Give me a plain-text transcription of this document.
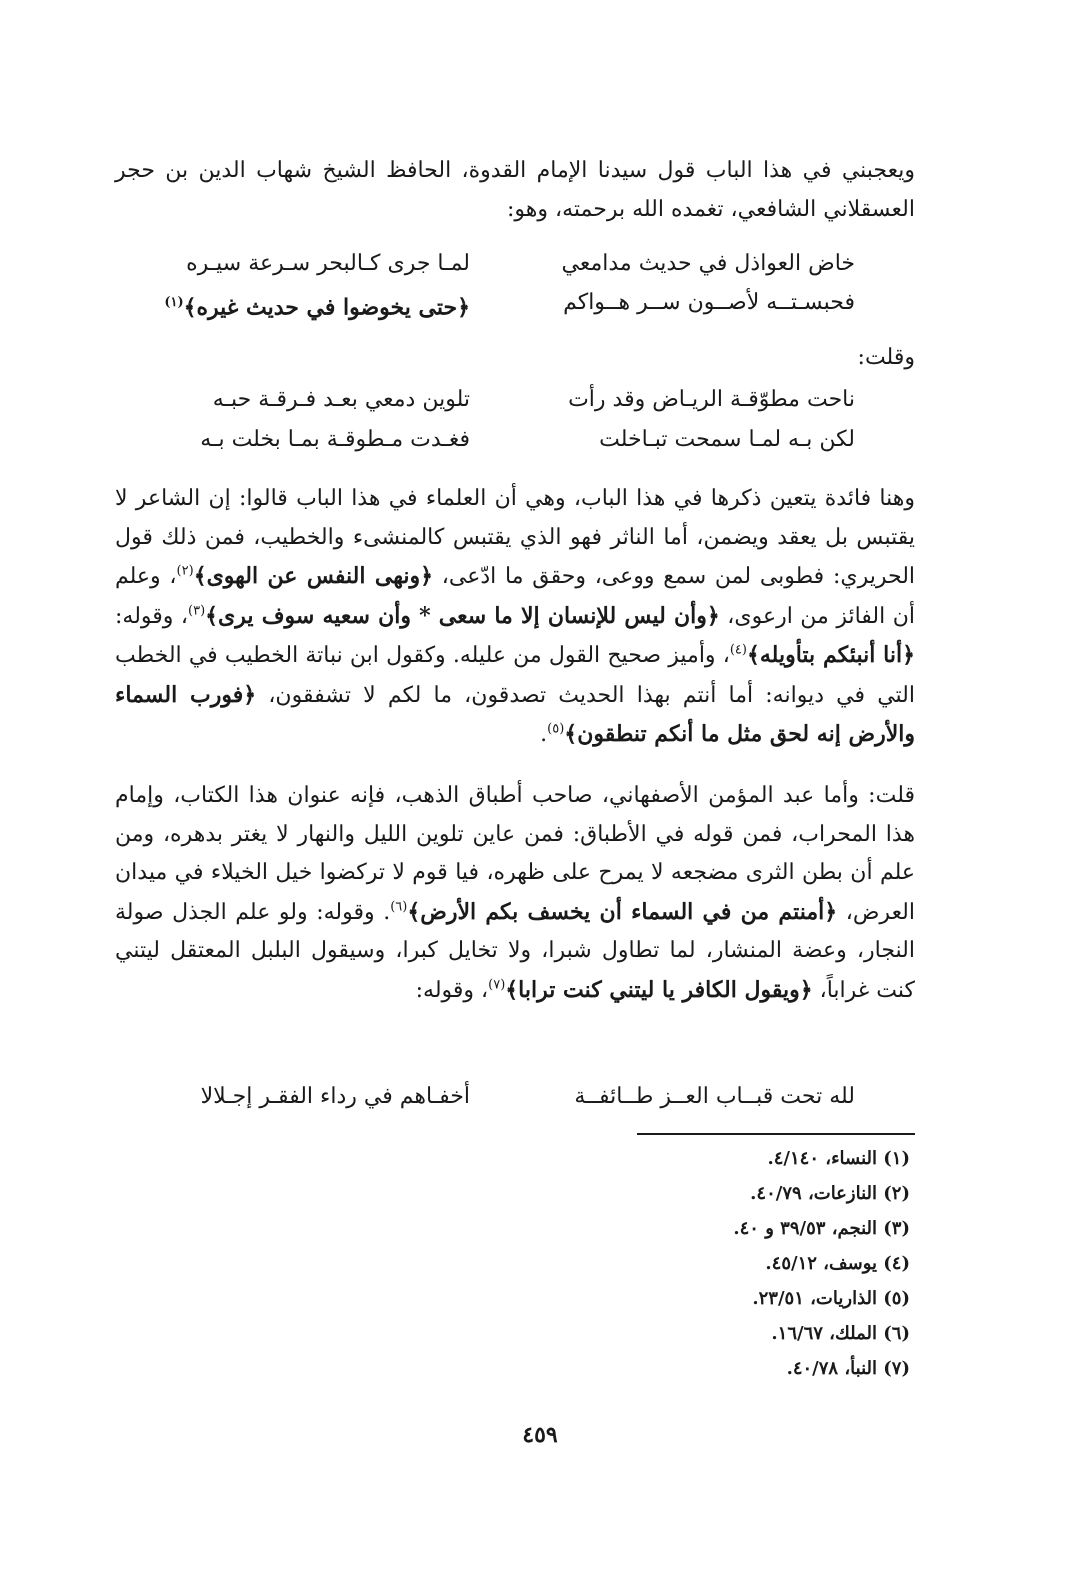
ويعجبني في هذا الباب قول سيدنا الإمام القدوة، الحافظ الشيخ شهاب الدين بن حجر العسقلاني الشافعي، تغمده الله برحمته، وهو:
خاض العواذل في حديث مدامعي
لمـا جرى كـالبحر سـرعة سيـره
فحبسـتــه لأصــون ســر هــواكم
﴿حتى يخوضوا في حديث غيره﴾$^{(١)}$
وقلت:
ناحت مطوّقـة الريـاض وقد رأت
تلوين دمعي بعـد فـرقـة حبـه
لكن بـه لمـا سمحت تبـاخلت
فغـدت مـطوقـة بمـا بخلت بـه
وهنا فائدة يتعين ذكرها في هذا الباب، وهي أن العلماء في هذا الباب قالوا: إن الشاعر لا يقتبس بل يعقد ويضمن، أما الناثر فهو الذي يقتبس كالمنشىء والخطيب، فمن ذلك قول الحريري: فطوبى لمن سمع ووعى، وحقق ما ادّعى، ﴿ونهى النفس عن الهوى﴾$^{(٢)}$، وعلم أن الفائز من ارعوى، ﴿وأن ليس للإنسان إلا ما سعى * وأن سعيه سوف يرى﴾$^{(٣)}$، وقوله: ﴿أنا أنبئكم بتأويله﴾$^{(٤)}$، وأميز صحيح القول من عليله. وكقول ابن نباتة الخطيب في الخطب التي في ديوانه: أما أنتم بهذا الحديث تصدقون، ما لكم لا تشفقون، ﴿فورب السماء والأرض إنه لحق مثل ما أنكم تنطقون﴾$^{(٥)}$.
قلت: وأما عبد المؤمن الأصفهاني، صاحب أطباق الذهب، فإنه عنوان هذا الكتاب، وإمام هذا المحراب، فمن قوله في الأطباق: فمن عاين تلوين الليل والنهار لا يغتر بدهره، ومن علم أن بطن الثرى مضجعه لا يمرح على ظهره، فيا قوم لا تركضوا خيل الخيلاء في ميدان العرض، ﴿أمنتم من في السماء أن يخسف بكم الأرض﴾$^{(٦)}$. وقوله: ولو علم الجذل صولة النجار، وعضة المنشار، لما تطاول شبرا، ولا تخايل كبرا، وسيقول البلبل المعتقل ليتني كنت غراباً، ﴿ويقول الكافر يا ليتني كنت ترابا﴾$^{(٧)}$، وقوله:
لله تحت قبــاب العــز طــائفــة
أخفـاهم في رداء الفقـر إجـلالا
(١) النساء، ٤/١٤٠.
(٢) النازعات، ٤٠/٧٩.
(٣) النجم، ٣٩/٥٣ و ٤٠.
(٤) يوسف، ٤٥/١٢.
(٥) الذاريات، ٢٣/٥١.
(٦) الملك، ١٦/٦٧.
(٧) النبأ، ٤٠/٧٨.
٤٥٩
